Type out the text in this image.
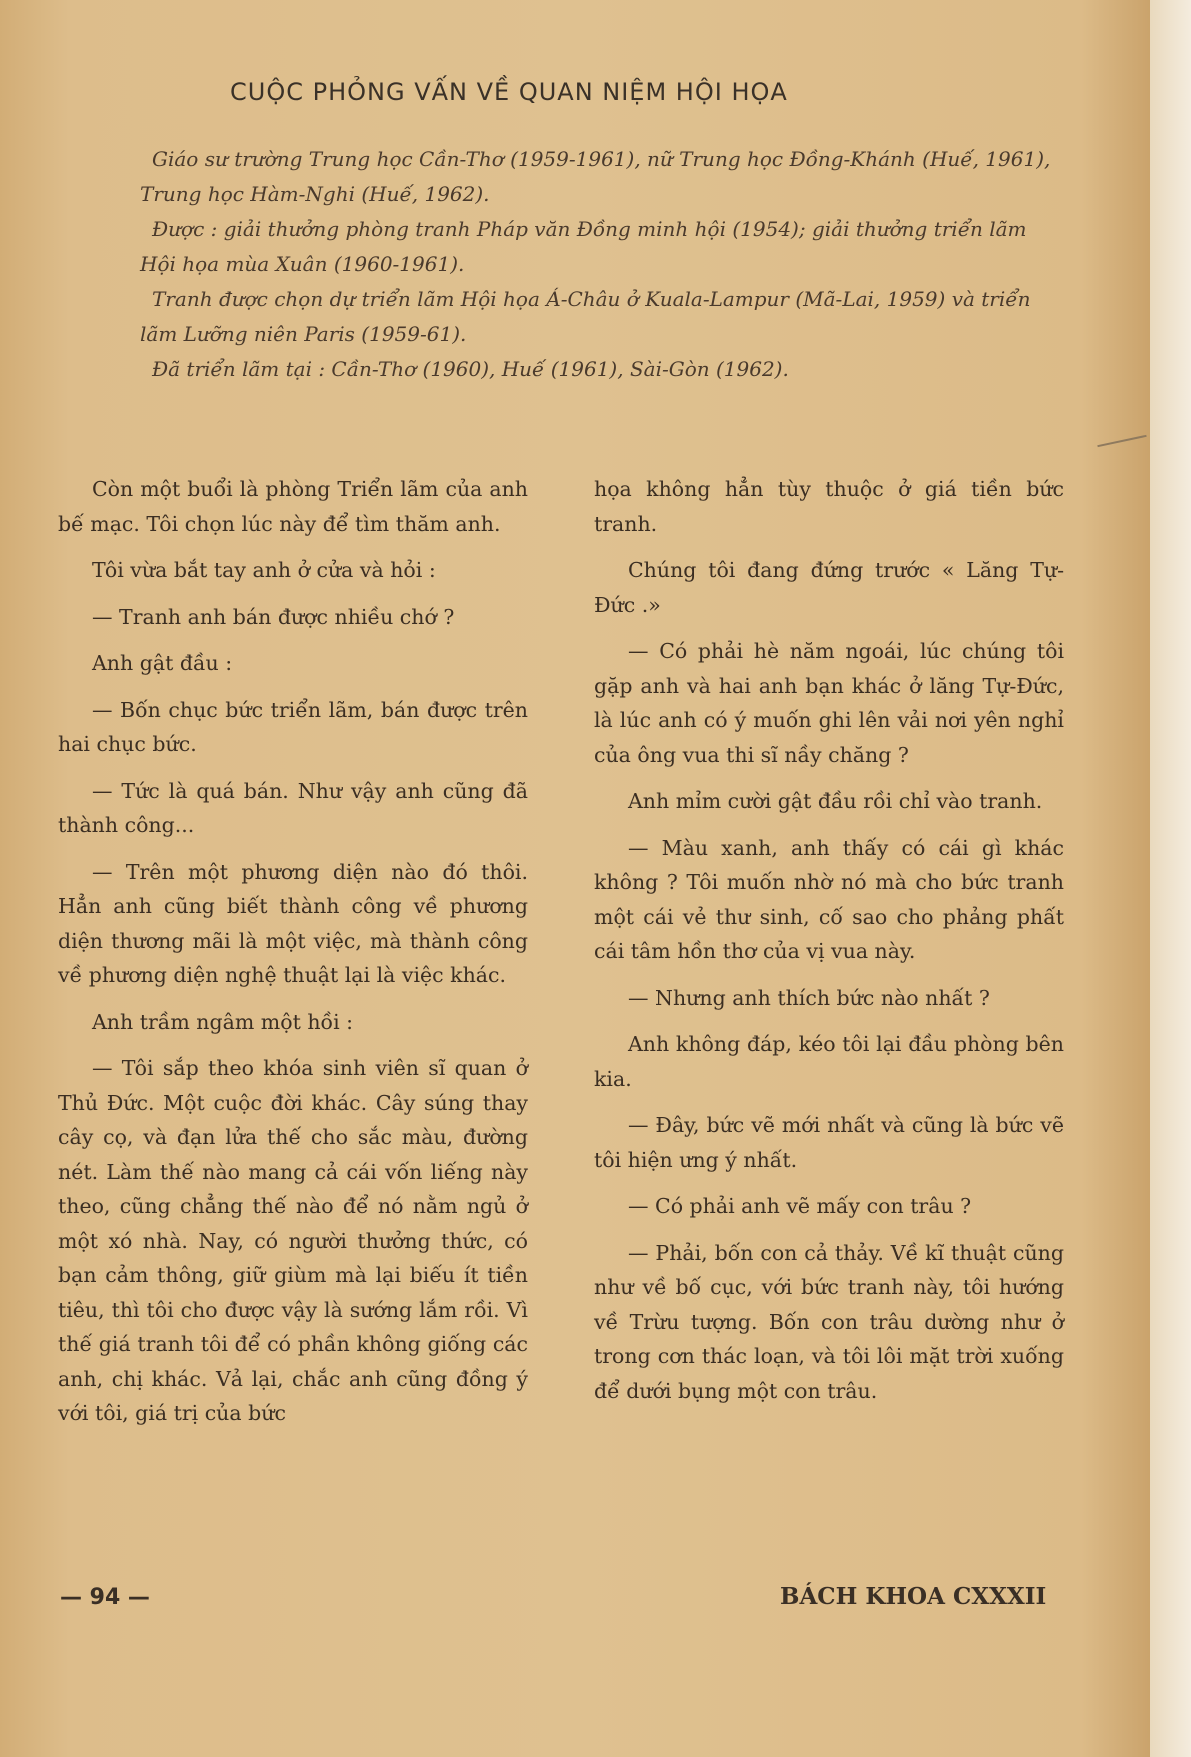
CUỘC PHỎNG VẤN VỀ QUAN NIỆM HỘI HỌA

Giáo sư trường Trung học Cần-Thơ (1959-1961), nữ Trung học Đồng-Khánh (Huế, 1961), Trung học Hàm-Nghi (Huế, 1962).

Được : giải thưởng phòng tranh Pháp văn Đồng minh hội (1954); giải thưởng triển lãm Hội họa mùa Xuân (1960-1961).

Tranh được chọn dự triển lãm Hội họa Á-Châu ở Kuala-Lampur (Mã-Lai, 1959) và triển lãm Lưỡng niên Paris (1959-61).

Đã triển lãm tại : Cần-Thơ (1960), Huế (1961), Sài-Gòn (1962).

Còn một buổi là phòng Triển lãm của anh bế mạc. Tôi chọn lúc này để tìm thăm anh.

Tôi vừa bắt tay anh ở cửa và hỏi :

— Tranh anh bán được nhiều chớ ?

Anh gật đầu :

— Bốn chục bức triển lãm, bán được trên hai chục bức.

— Tức là quá bán. Như vậy anh cũng đã thành công...

— Trên một phương diện nào đó thôi. Hẳn anh cũng biết thành công về phương diện thương mãi là một việc, mà thành công về phương diện nghệ thuật lại là việc khác.

Anh trầm ngâm một hồi :

— Tôi sắp theo khóa sinh viên sĩ quan ở Thủ Đức. Một cuộc đời khác. Cây súng thay cây cọ, và đạn lửa thế cho sắc màu, đường nét. Làm thế nào mang cả cái vốn liếng này theo, cũng chẳng thế nào để nó nằm ngủ ở một xó nhà. Nay, có người thưởng thức, có bạn cảm thông, giữ giùm mà lại biếu ít tiền tiêu, thì tôi cho được vậy là sướng lắm rồi. Vì thế giá tranh tôi để có phần không giống các anh, chị khác. Vả lại, chắc anh cũng đồng ý với tôi, giá trị của bức

họa không hẳn tùy thuộc ở giá tiền bức tranh.

Chúng tôi đang đứng trước « Lăng Tự-Đức .»

— Có phải hè năm ngoái, lúc chúng tôi gặp anh và hai anh bạn khác ở lăng Tự-Đức, là lúc anh có ý muốn ghi lên vải nơi yên nghỉ của ông vua thi sĩ nầy chăng ?

Anh mỉm cười gật đầu rồi chỉ vào tranh.

— Màu xanh, anh thấy có cái gì khác không ? Tôi muốn nhờ nó mà cho bức tranh một cái vẻ thư sinh, cố sao cho phảng phất cái tâm hồn thơ của vị vua này.

— Nhưng anh thích bức nào nhất ?

Anh không đáp, kéo tôi lại đầu phòng bên kia.

— Đây, bức vẽ mới nhất và cũng là bức vẽ tôi hiện ưng ý nhất.

— Có phải anh vẽ mấy con trâu ?

— Phải, bốn con cả thảy. Về kĩ thuật cũng như về bố cục, với bức tranh này, tôi hướng về Trừu tượng. Bốn con trâu dường như ở trong cơn thác loạn, và tôi lôi mặt trời xuống để dưới bụng một con trâu.

— 94 —	BÁCH KHOA CXXXII
